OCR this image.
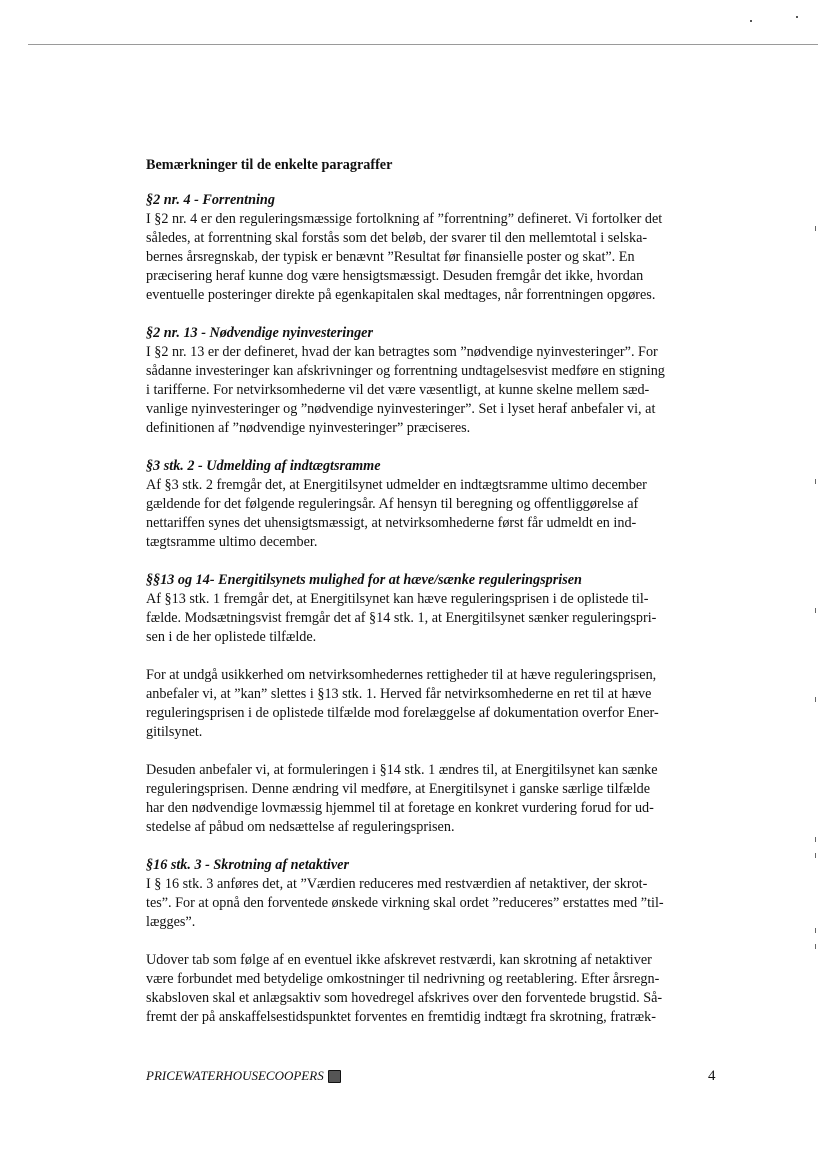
Bemærkninger til de enkelte paragraffer

§2 nr. 4 - Forrentning

I §2 nr. 4 er den reguleringsmæssige fortolkning af ”forrentning” defineret. Vi fortolker det
således, at forrentning skal forstås som det beløb, der svarer til den mellemtotal i selska-
bernes årsregnskab, der typisk er benævnt ”Resultat før finansielle poster og skat”. En
præcisering heraf kunne dog være hensigtsmæssigt. Desuden fremgår det ikke, hvordan
eventuelle posteringer direkte på egenkapitalen skal medtages, når forrentningen opgøres.

§2 nr. 13 - Nødvendige nyinvesteringer

I §2 nr. 13 er der defineret, hvad der kan betragtes som ”nødvendige nyinvesteringer”. For
sådanne investeringer kan afskrivninger og forrentning undtagelsesvist medføre en stigning
i tarifferne. For netvirksomhederne vil det være væsentligt, at kunne skelne mellem sæd-
vanlige nyinvesteringer og ”nødvendige nyinvesteringer”. Set i lyset heraf anbefaler vi, at
definitionen af ”nødvendige nyinvesteringer” præciseres.

§3 stk. 2 - Udmelding af indtægtsramme

Af §3 stk. 2 fremgår det, at Energitilsynet udmelder en indtægtsramme ultimo december
gældende for det følgende reguleringsår. Af hensyn til beregning og offentliggørelse af
nettariffen synes det uhensigtsmæssigt, at netvirksomhederne først får udmeldt en ind-
tægtsramme ultimo december.

§§13 og 14- Energitilsynets mulighed for at hæve/sænke reguleringsprisen

Af §13 stk. 1 fremgår det, at Energitilsynet kan hæve reguleringsprisen i de oplistede til-
fælde. Modsætningsvist fremgår det af §14 stk. 1, at Energitilsynet sænker reguleringspri-
sen i de her oplistede tilfælde.

For at undgå usikkerhed om netvirksomhedernes rettigheder til at hæve reguleringsprisen,
anbefaler vi, at ”kan” slettes i §13 stk. 1. Herved får netvirksomhederne en ret til at hæve
reguleringsprisen i de oplistede tilfælde mod forelæggelse af dokumentation overfor Ener-
gitilsynet.

Desuden anbefaler vi, at formuleringen i §14 stk. 1 ændres til, at Energitilsynet kan sænke
reguleringsprisen. Denne ændring vil medføre, at Energitilsynet i ganske særlige tilfælde
har den nødvendige lovmæssig hjemmel til at foretage en konkret vurdering forud for ud-
stedelse af påbud om nedsættelse af reguleringsprisen.

§16 stk. 3 - Skrotning af netaktiver

I § 16 stk. 3 anføres det, at ”Værdien reduceres med restværdien af netaktiver, der skrot-
tes”. For at opnå den forventede ønskede virkning skal ordet ”reduceres” erstattes med ”til-
lægges”.

Udover tab som følge af en eventuel ikke afskrevet restværdi, kan skrotning af netaktiver
være forbundet med betydelige omkostninger til nedrivning og reetablering. Efter årsregn-
skabsloven skal et anlægsaktiv som hovedregel afskrives over den forventede brugstid. Så-
fremt der på anskaffelsestidspunktet forventes en fremtidig indtægt fra skrotning, fratræk-

PRICEWATERHOUSECOOPERS	4
